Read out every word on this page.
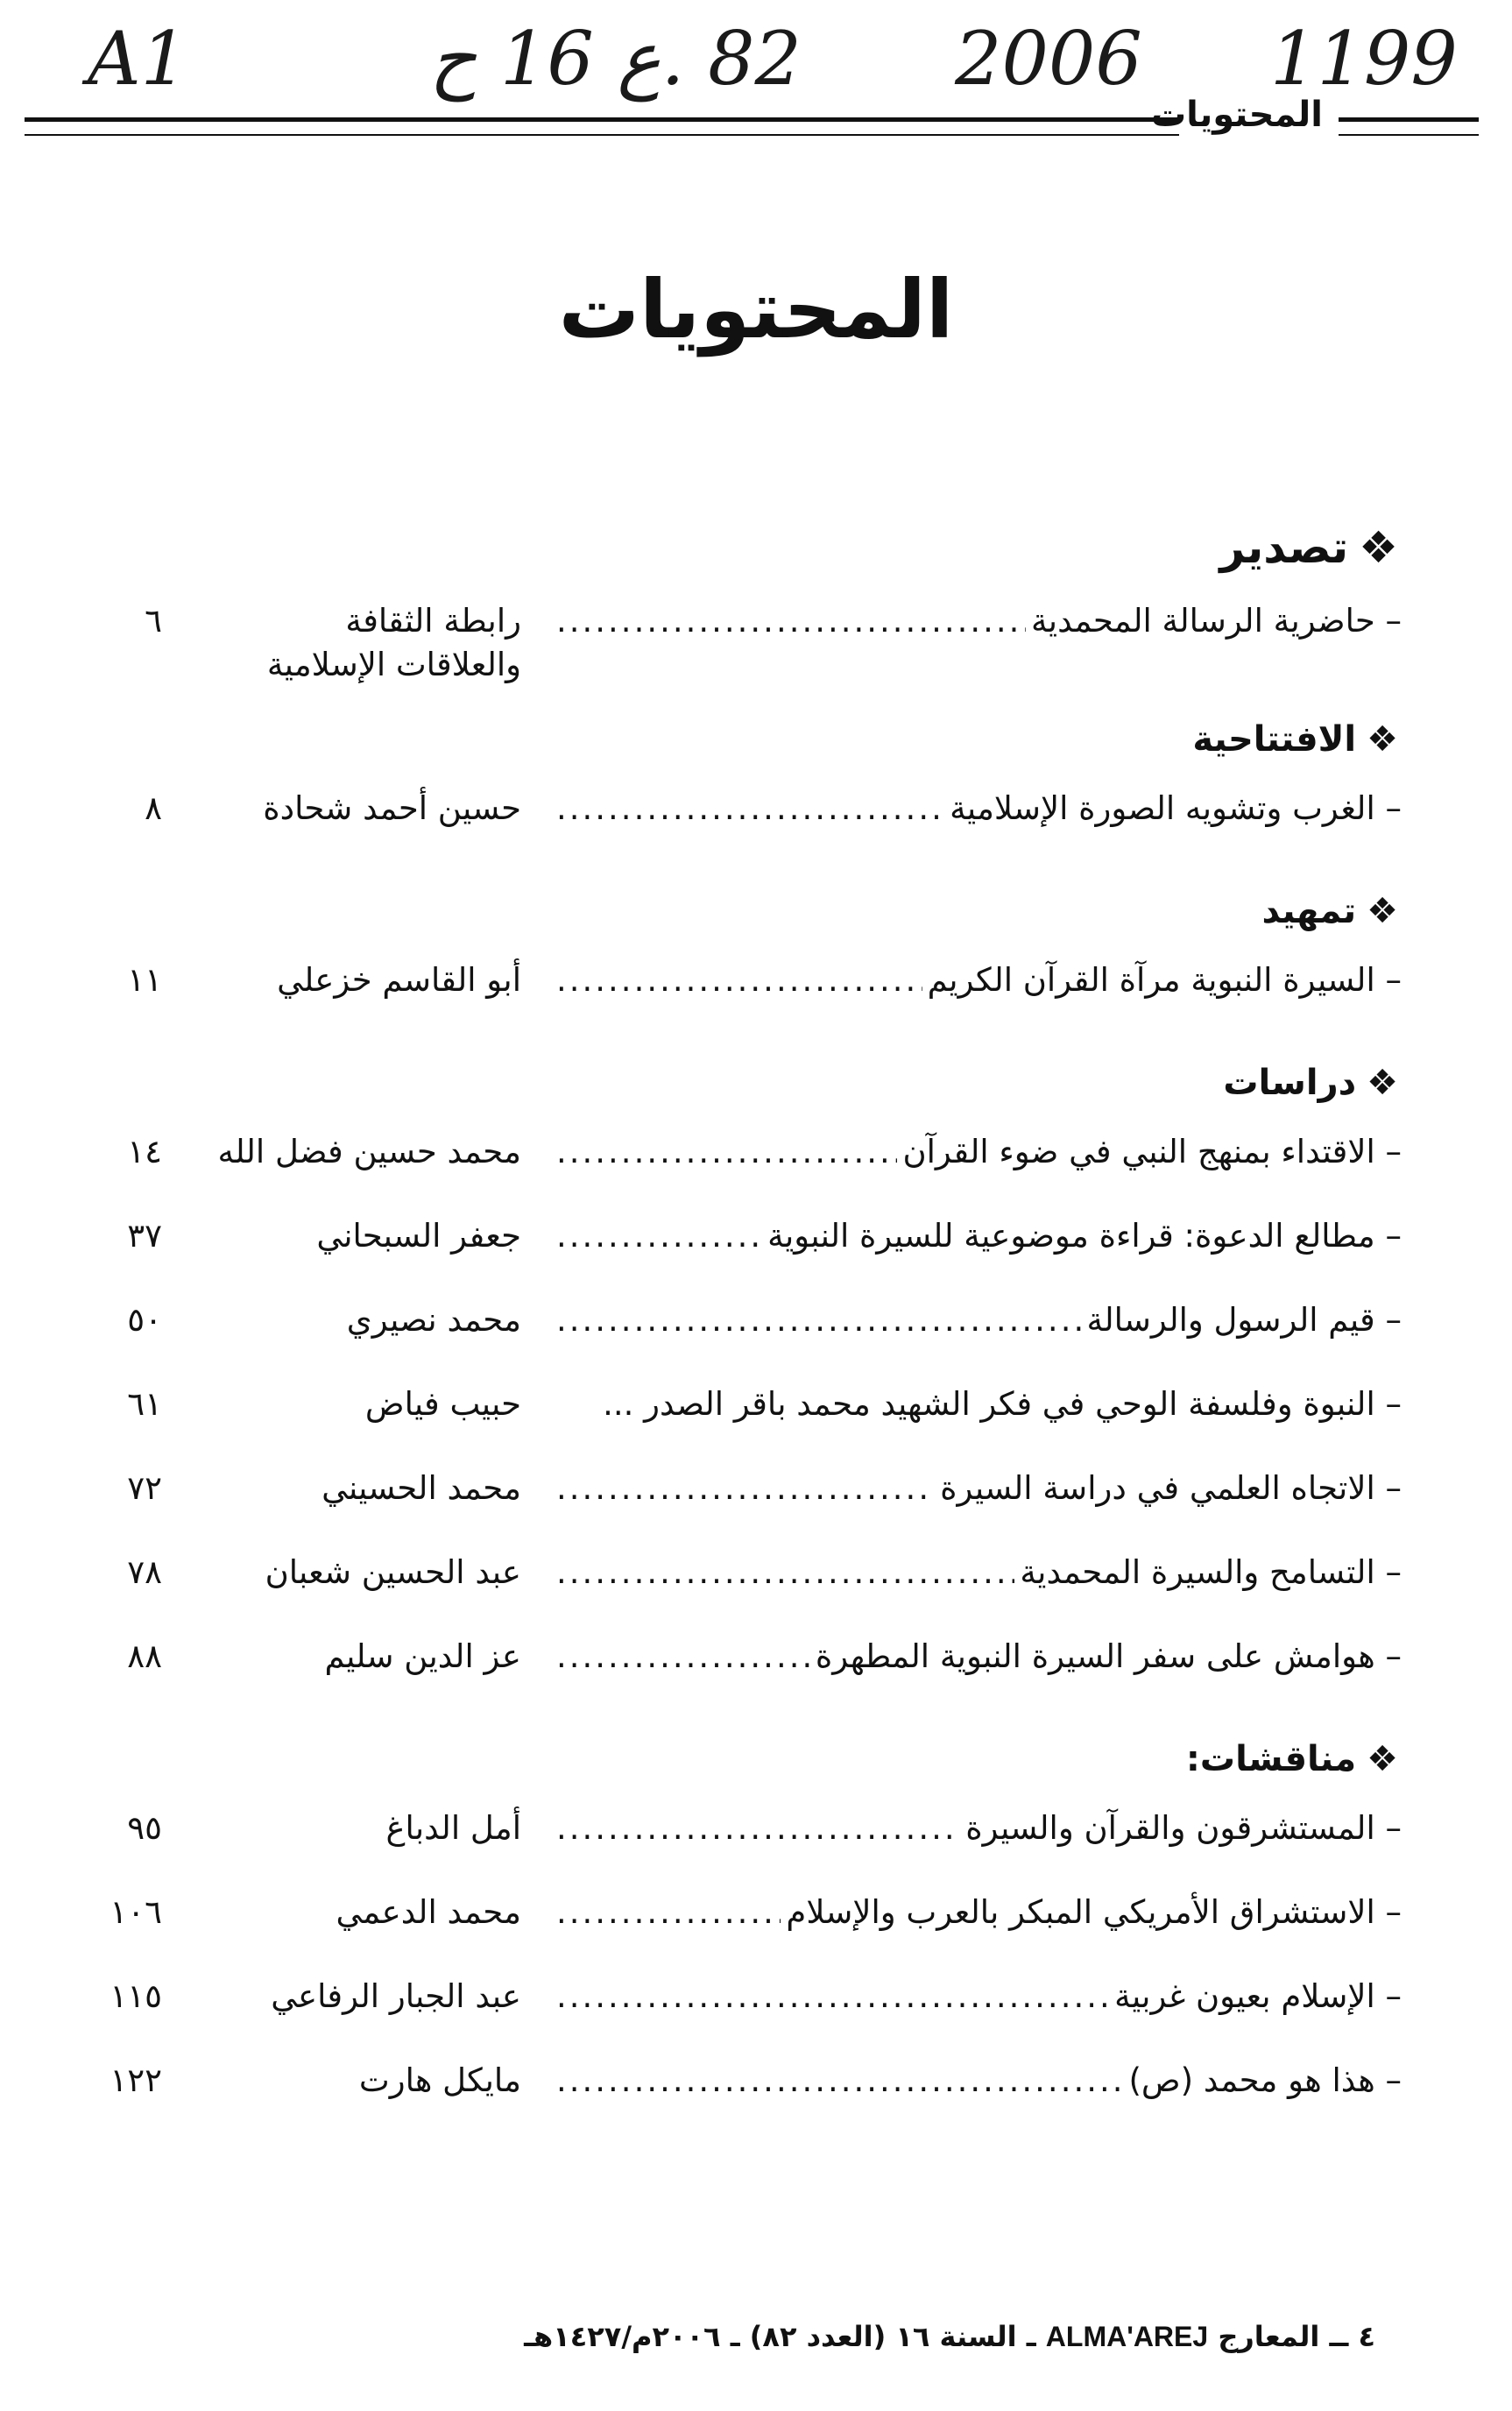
A1	82 .ع 16 ح 2006 1199
المحتويات
المحتويات
❖تصدير
– حاضرية الرسالة المحمدية
.....
رابطة الثقافة
والعلاقات الإسلامية
٦
❖الافتتاحية
– الغرب وتشويه الصورة الإسلامية
.....
حسين أحمد شحادة
٨
❖تمهيد
– السيرة النبوية مرآة القرآن الكريم
.....
أبو القاسم خزعلي
١١
❖دراسات
– الاقتداء بمنهج النبي في ضوء القرآن
.....
محمد حسين فضل الله
١٤
– مطالع الدعوة: قراءة موضوعية للسيرة النبوية
.....
جعفر السبحاني
٣٧
– قيم الرسول والرسالة
.....
محمد نصيري
٥٠
– النبوة وفلسفة الوحي في فكر الشهيد محمد باقر الصدر ...
حبيب فياض
٦١
– الاتجاه العلمي في دراسة السيرة
.....
محمد الحسيني
٧٢
– التسامح والسيرة المحمدية
.....
عبد الحسين شعبان
٧٨
– هوامش على سفر السيرة النبوية المطهرة
.....
عز الدين سليم
٨٨
❖مناقشات:
– المستشرقون والقرآن والسيرة
.....
أمل الدباغ
٩٥
– الاستشراق الأمريكي المبكر بالعرب والإسلام
.....
محمد الدعمي
١٠٦
– الإسلام بعيون غربية
.....
عبد الجبار الرفاعي
١١٥
– هذا هو محمد (ص)
.....
مايكل هارت
١٢٢
٤ ــ المعارج ALMA'AREJ ـ السنة ١٦ (العدد ٨٢) ـ ٢٠٠٦م/١٤٢٧هـ
